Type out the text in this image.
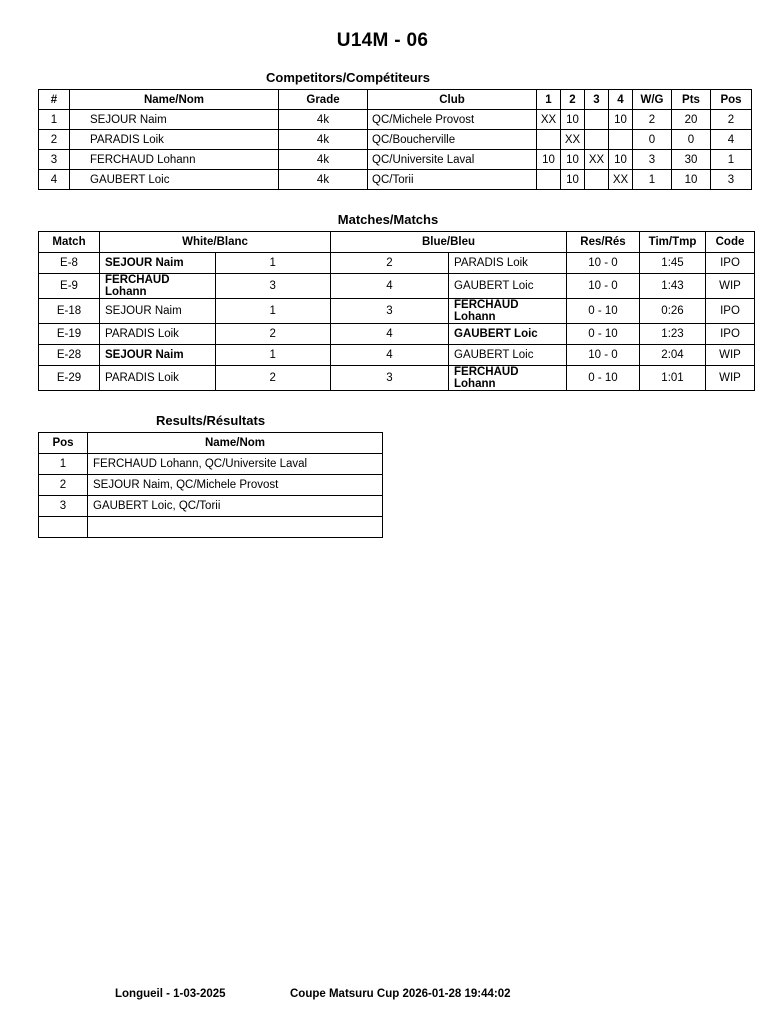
U14M - 06
Competitors/Compétiteurs
#	Name/Nom	Grade	Club	1	2	3	4	W/G	Pts	Pos
1	SEJOUR Naim	4k	QC/Michele Provost	XX	10		10	2	20	2
2	PARADIS Loik	4k	QC/Boucherville		XX			0	0	4
3	FERCHAUD Lohann	4k	QC/Universite Laval	10	10	XX	10	3	30	1
4	GAUBERT Loic	4k	QC/Torii		10		XX	1	10	3
Matches/Matchs
Match	White/Blanc		Blue/Bleu		Res/Rés	Tim/Tmp	Code
E-8	SEJOUR Naim	1	2	PARADIS Loik	10 - 0	1:45	IPO
E-9	FERCHAUD Lohann	3	4	GAUBERT Loic	10 - 0	1:43	WIP
E-18	SEJOUR Naim	1	3	FERCHAUD Lohann	0 - 10	0:26	IPO
E-19	PARADIS Loik	2	4	GAUBERT Loic	0 - 10	1:23	IPO
E-28	SEJOUR Naim	1	4	GAUBERT Loic	10 - 0	2:04	WIP
E-29	PARADIS Loik	2	3	FERCHAUD Lohann	0 - 10	1:01	WIP
Results/Résultats
Pos	Name/Nom
1	FERCHAUD Lohann, QC/Universite Laval
2	SEJOUR Naim, QC/Michele Provost
3	GAUBERT Loic, QC/Torii

Longueil - 1-03-2025	Coupe Matsuru Cup 2026-01-28 19:44:02
